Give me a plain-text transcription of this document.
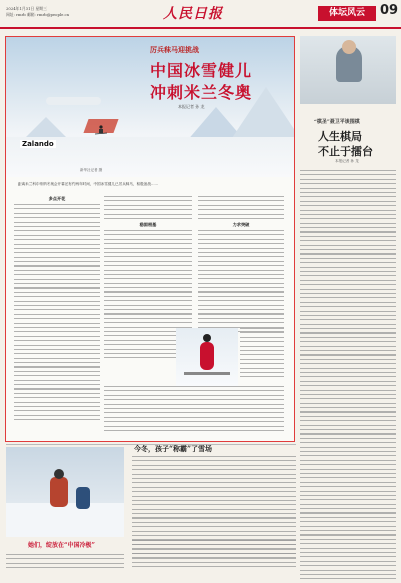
2024年1月31日 星期三
网址: rmrb 邮箱: rmrb@people.cn	人民日报	体坛风云	09
Zalando
厉兵秣马迎挑战
中国冰雪健儿
冲刺米兰冬奥
本报记者 孙 龙
新华社记者 摄
距离米兰科尔蒂纳冬奥会开幕还有约两年时间，中国冰雪健儿已厉兵秣马，积极备战……
多点开花
稳固根基	力求突破
“棋圣”聂卫平谈围棋
人生棋局
不止于擂台
本报记者 孙 龙
她们，绽放在“中国冷极”
今冬，孩子“称霸”了雪场
